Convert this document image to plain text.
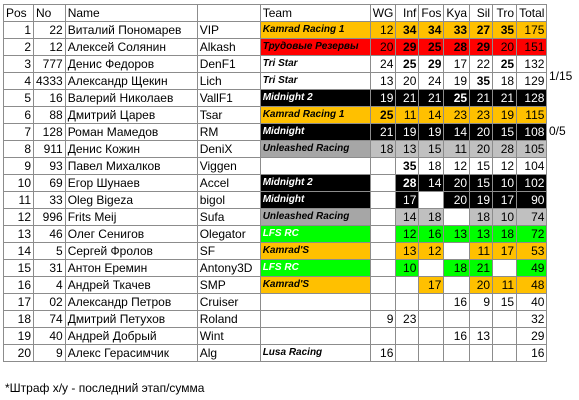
Pos	No	Name		Team	WG	Inf	Fos	Kya	Sil	Tro	Total
1	22	Виталий Пономарев	VIP	Kamrad Racing 1	12	34	34	33	27	35	175
2	12	Алексей Солянин	Alkash	Трудовые Резервы	20	29	25	28	29	20	151
3	777	Денис Федоров	DenF1	Tri Star	24	25	29	17	22	25	132
4	4333	Александр Щекин	Lich	Tri Star	13	20	24	19	35	18	129
5	16	Валерий Николаев	VallF1	Midnight 2	19	21	21	25	21	21	128
6	88	Дмитрий Царев	Tsar	Kamrad Racing 1	25	11	14	23	23	19	115
7	128	Роман Мамедов	RM	Midnight	21	19	19	14	20	15	108
8	911	Денис Кожин	DeniX	Unleashed Racing	18	13	15	11	20	28	105
9	93	Павел Михалков	Viggen			35	18	12	15	12	104
10	69	Егор Шунаев	Accel	Midnight 2		28	14	20	15	10	102
11	33	Oleg Bigeza	bigol	Midnight		17		20	19	17	90
12	996	Frits Meij	Sufa	Unleashed Racing		14	18		18	10	74
13	46	Олег Сенигов	Olegator	LFS RC		12	16	13	13	18	72
14	5	Сергей Фролов	SF	Kamrad'S		13	12		11	17	53
15	31	Антон Еремин	Antony3D	LFS RC		10		18	21		49
16	4	Андрей Ткачев	SMP	Kamrad'S			17		20	11	48
17	02	Александр Петров	Cruiser					16	9	15	40
18	74	Дмитрий Петухов	Roland		9	23					32
19	40	Андрей Добрый	Wint					16	13		29
20	9	Алекс Герасимчик	Alg	Lusa Racing	16						16
1/15
0/5
*Штраф х/у - последний этап/сумма
